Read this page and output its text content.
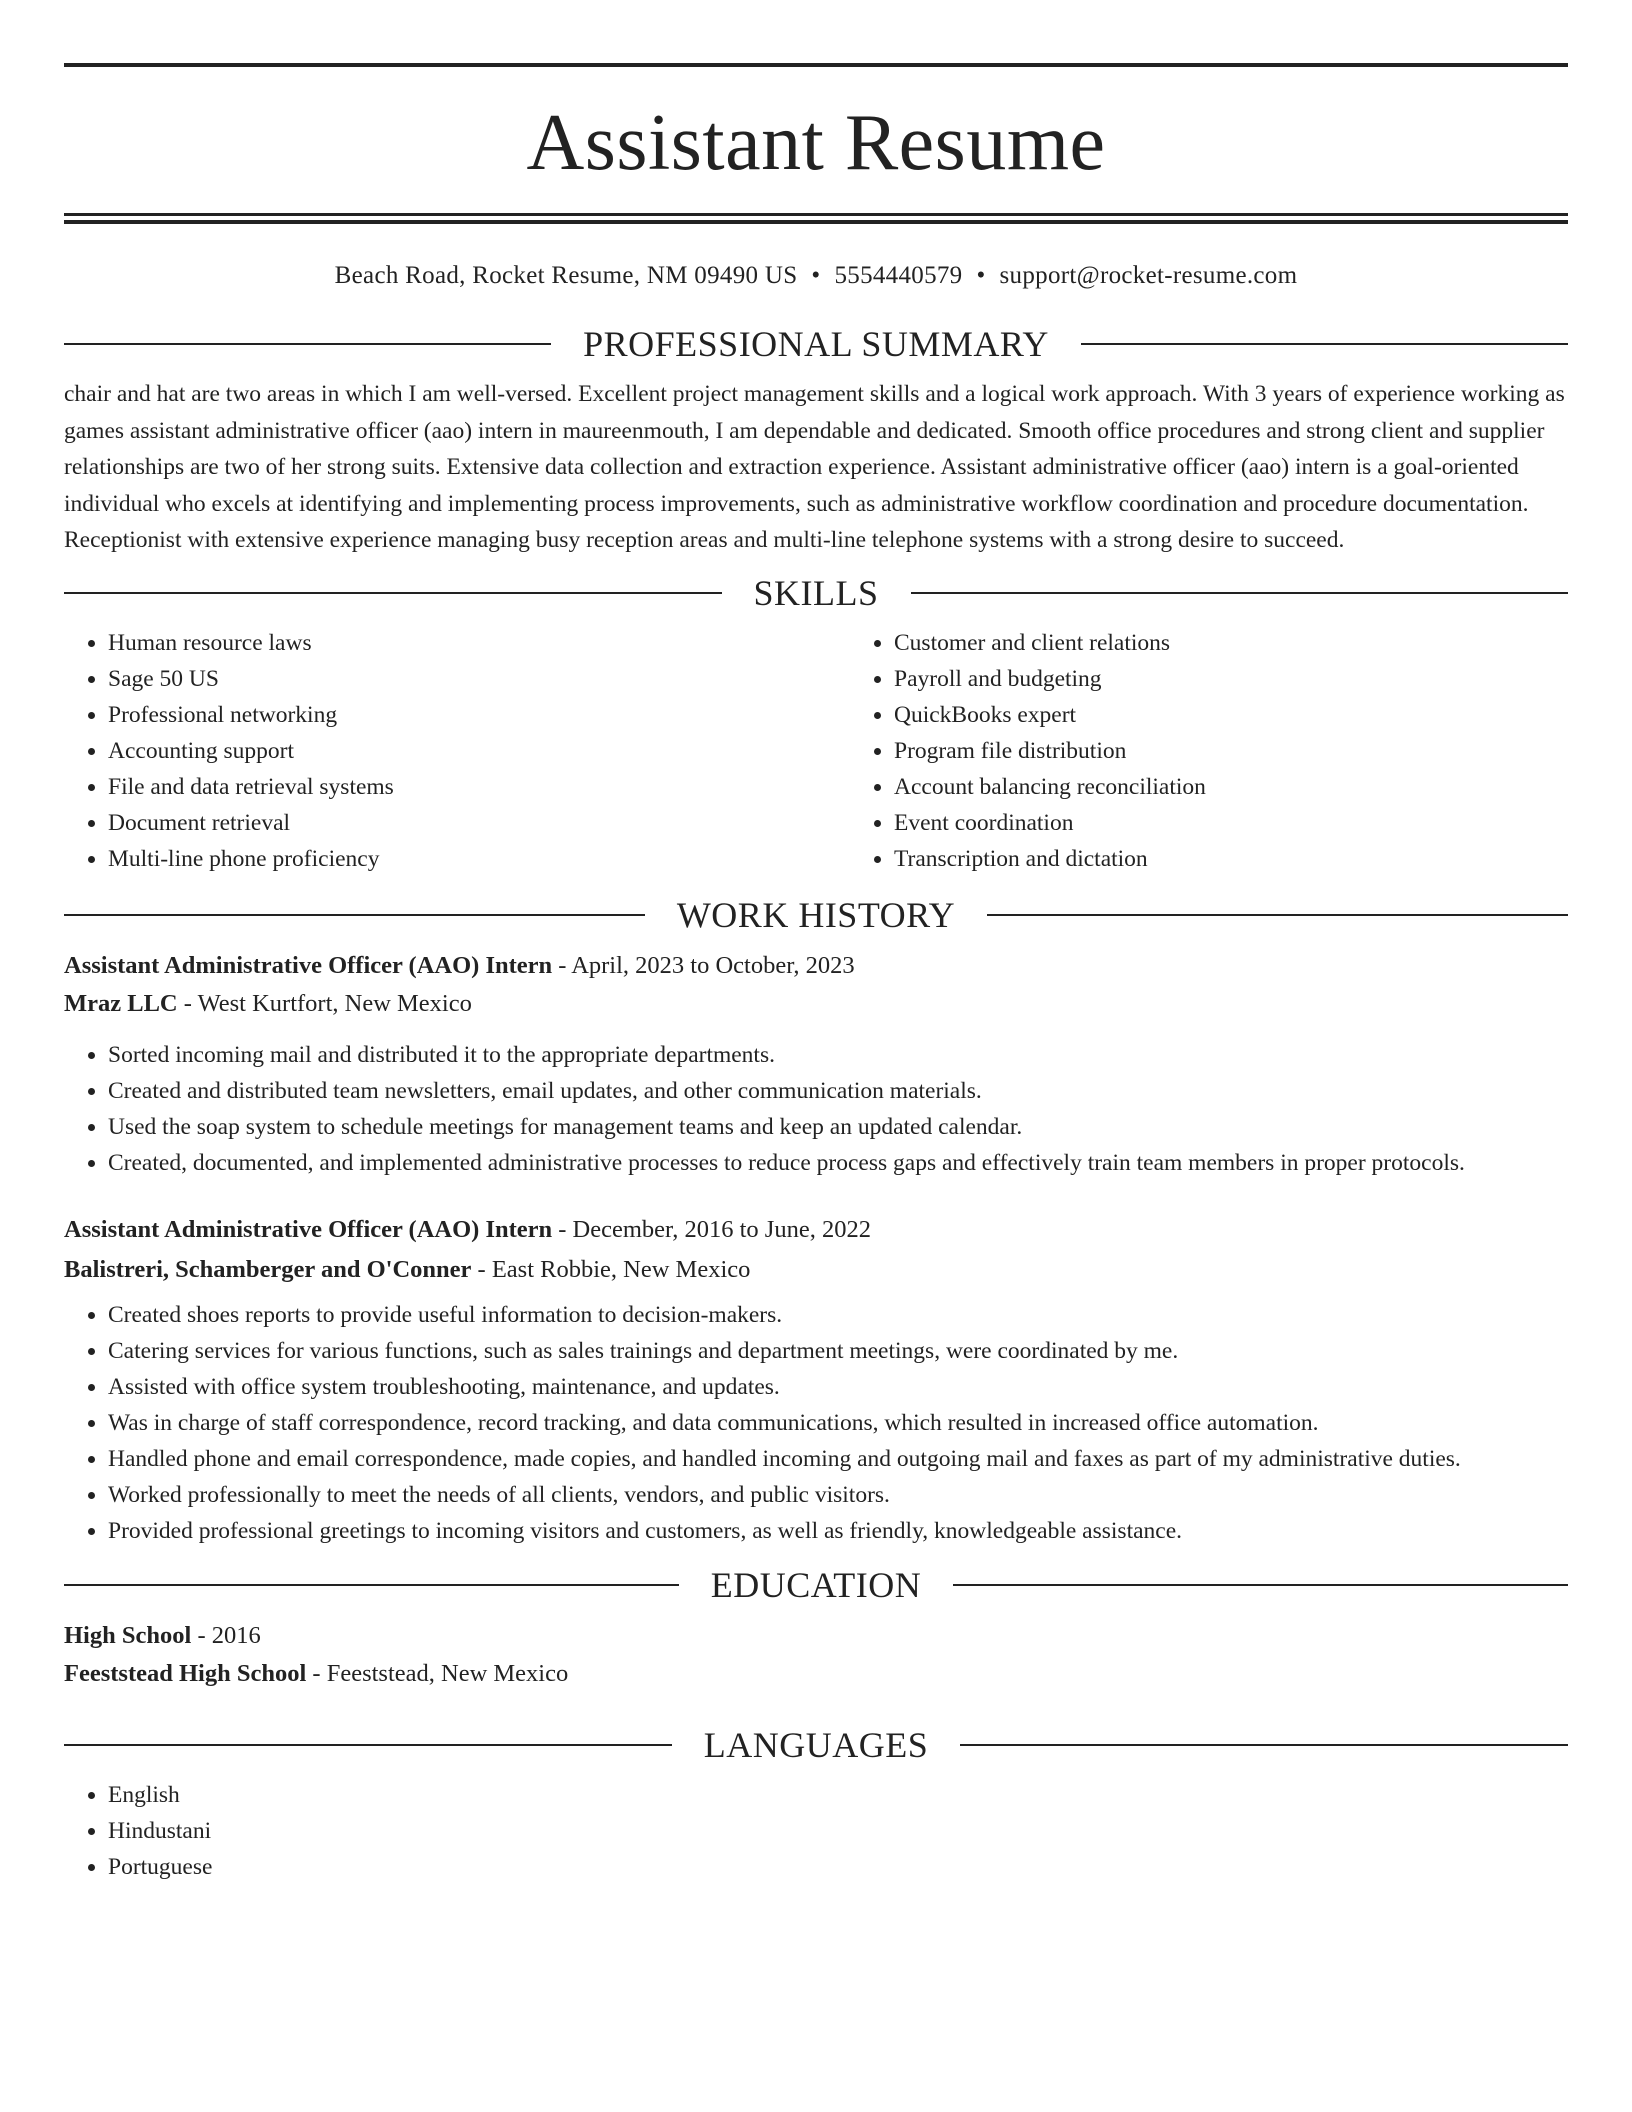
Assistant Resume
Beach Road, Rocket Resume, NM 09490 US • 5554440579 • support@rocket-resume.com
PROFESSIONAL SUMMARY

chair and hat are two areas in which I am well-versed. Excellent project management skills and a logical work approach. With 3 years of experience working as games assistant administrative officer (aao) intern in maureenmouth, I am dependable and dedicated. Smooth office procedures and strong client and supplier relationships are two of her strong suits. Extensive data collection and extraction experience. Assistant administrative officer (aao) intern is a goal-oriented individual who excels at identifying and implementing process improvements, such as administrative workflow coordination and procedure documentation. Receptionist with extensive experience managing busy reception areas and multi-line telephone systems with a strong desire to succeed.

SKILLS
• Human resource laws
• Sage 50 US
• Professional networking
• Accounting support
• File and data retrieval systems
• Document retrieval
• Multi-line phone proficiency
• Customer and client relations
• Payroll and budgeting
• QuickBooks expert
• Program file distribution
• Account balancing reconciliation
• Event coordination
• Transcription and dictation
WORK HISTORY
Assistant Administrative Officer (AAO) Intern - April, 2023 to October, 2023
Mraz LLC - West Kurtfort, New Mexico
• Sorted incoming mail and distributed it to the appropriate departments.
• Created and distributed team newsletters, email updates, and other communication materials.
• Used the soap system to schedule meetings for management teams and keep an updated calendar.
• Created, documented, and implemented administrative processes to reduce process gaps and effectively train team members in proper protocols.
Assistant Administrative Officer (AAO) Intern - December, 2016 to June, 2022
Balistreri, Schamberger and O'Conner - East Robbie, New Mexico
• Created shoes reports to provide useful information to decision-makers.
• Catering services for various functions, such as sales trainings and department meetings, were coordinated by me.
• Assisted with office system troubleshooting, maintenance, and updates.
• Was in charge of staff correspondence, record tracking, and data communications, which resulted in increased office automation.
• Handled phone and email correspondence, made copies, and handled incoming and outgoing mail and faxes as part of my administrative duties.
• Worked professionally to meet the needs of all clients, vendors, and public visitors.
• Provided professional greetings to incoming visitors and customers, as well as friendly, knowledgeable assistance.
EDUCATION
High School - 2016
Feeststead High School - Feeststead, New Mexico
LANGUAGES
• English
• Hindustani
• Portuguese
